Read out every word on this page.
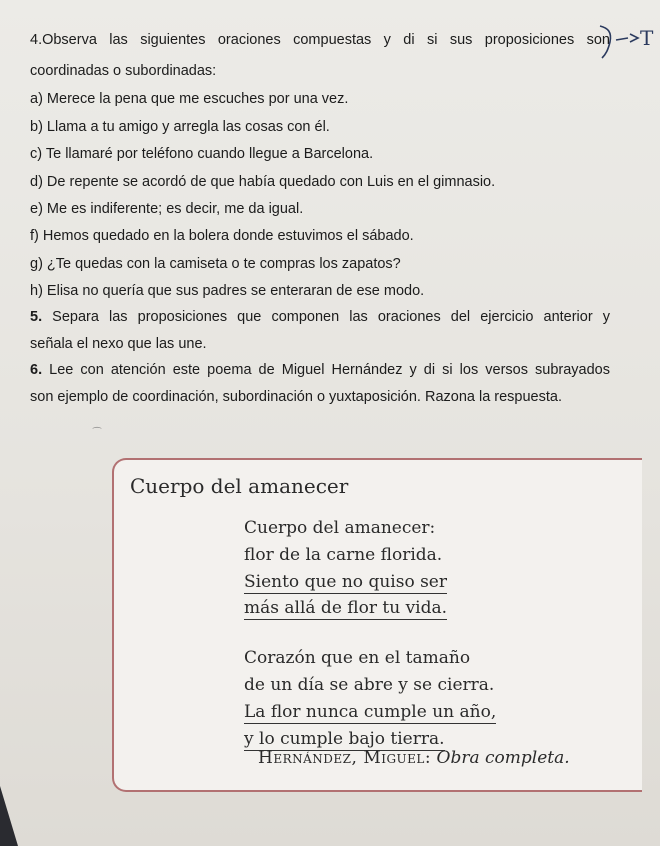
4.Observa las siguientes oraciones compuestas y di si sus proposiciones son
coordinadas o subordinadas:
a) Merece la pena que me escuches por una vez.
b) Llama a tu amigo y arregla las cosas con él.
c) Te llamaré por teléfono cuando llegue a Barcelona.
d) De repente se acordó de que había quedado con Luis en el gimnasio.
e) Me es indiferente; es decir, me da igual.
f) Hemos quedado en la bolera donde estuvimos el sábado.
g) ¿Te quedas con la camiseta o te compras los zapatos?
h) Elisa no quería que sus padres se enteraran de ese modo.
5. Separa las proposiciones que componen las oraciones del ejercicio anterior y
señala el nexo que las une.
6. Lee con atención este poema de Miguel Hernández y di si los versos subrayados
son ejemplo de coordinación, subordinación o yuxtaposición. Razona la respuesta.
T
⁀
Cuerpo del amanecer
Cuerpo del amanecer:
flor de la carne florida.
Siento que no quiso ser
más allá de flor tu vida.
Corazón que en el tamaño
de un día se abre y se cierra.
La flor nunca cumple un año,
y lo cumple bajo tierra.
Hernández, Miguel: Obra completa.
